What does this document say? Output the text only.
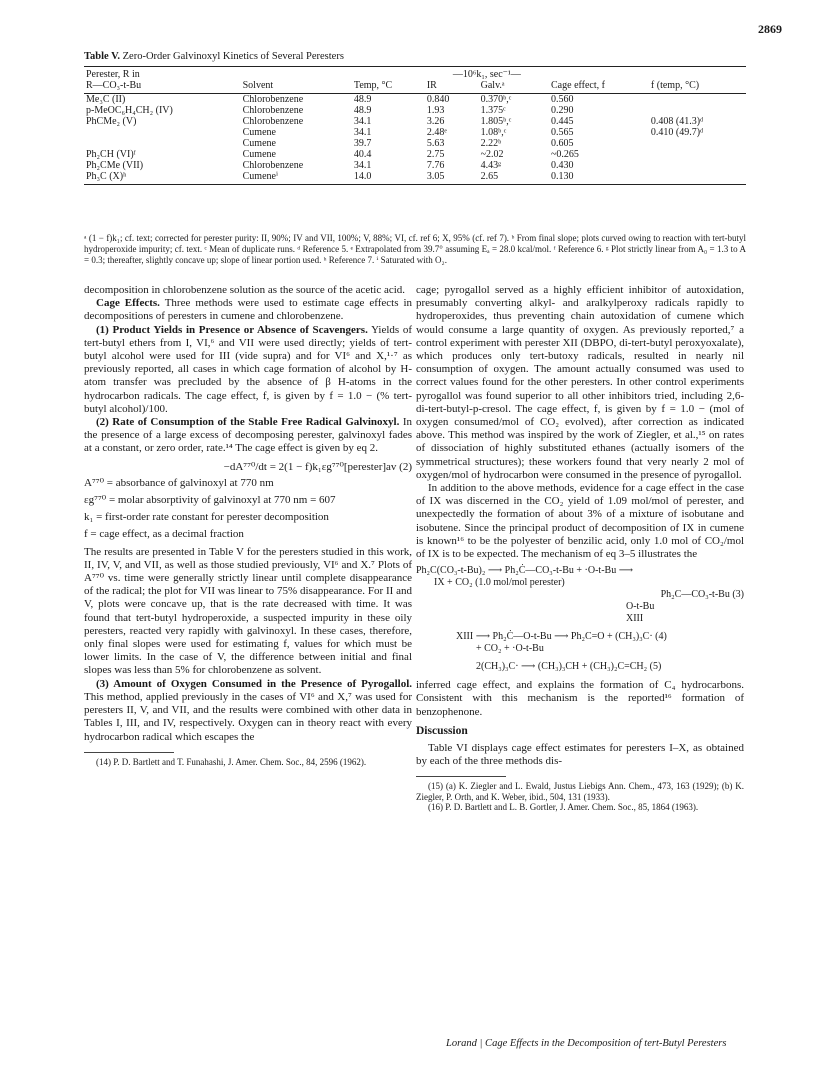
2869
Table V. Zero-Order Galvinoxyl Kinetics of Several Peresters

Perester, R in			—10⁶k₁, sec⁻¹—			
R—CO₃-t-Bu	Solvent	Temp, °C	IR	Galv.ᵃ	Cage effect, f	f (temp, °C)

Me₃C (II)	Chlorobenzene	48.9	0.840	0.370ᵇ,ᶜ	0.560	
p-MeOC₆H₄CH₂ (IV)	Chlorobenzene	48.9	1.93	1.375ᶜ	0.290	
PhCMe₂ (V)	Chlorobenzene	34.1	3.26	1.805ᵇ,ᶜ	0.445	0.408 (41.3)ᵈ
	Cumene	34.1	2.48ᵉ	1.08ᵇ,ᶜ	0.565	0.410 (49.7)ᵈ
	Cumene	39.7	5.63	2.22ᵇ	0.605	
Ph₂CH (VI)ᶠ	Cumene	40.4	2.75	~2.02	~0.265	
Ph₂CMe (VII)	Chlorobenzene	34.1	7.76	4.43ᵍ	0.430	
Ph₃C (X)ʰ	Cumeneⁱ	14.0	3.05	2.65	0.130	

ᵃ (1 − f)k₁; cf. text; corrected for perester purity: II, 90%; IV and VII, 100%; V, 88%; VI, cf. ref 6; X, 95% (cf. ref 7). ᵇ From final slope; plots curved owing to reaction with tert-butyl hydroperoxide impurity; cf. text. ᶜ Mean of duplicate runs. ᵈ Reference 5. ᵉ Extrapolated from 39.7° assuming Eₐ = 28.0 kcal/mol. ᶠ Reference 6. ᵍ Plot strictly linear from A₀ = 1.3 to A = 0.3; thereafter, slightly concave up; slope of linear portion used. ʰ Reference 7. ⁱ Saturated with O₂.

decomposition in chlorobenzene solution as the source of the acetic acid.

Cage Effects. Three methods were used to estimate cage effects in decompositions of peresters in cumene and chlorobenzene.

(1) Product Yields in Presence or Absence of Scavengers. Yields of tert-butyl ethers from I, VI,⁶ and VII were used directly; yields of tert-butyl alcohol were used for III (vide supra) and for VI⁶ and X,¹·⁷ as previously reported, all cases in which cage formation of alcohol by H-atom transfer was precluded by the absence of β H-atoms in the hydrocarbon radicals. The cage effect, f, is given by f = 1.0 − (% tert-butyl alcohol)/100.

(2) Rate of Consumption of the Stable Free Radical Galvinoxyl. In the presence of a large excess of decomposing perester, galvinoxyl fades at a constant, or zero order, rate.¹⁴ The cage effect is given by eq 2.

−dA⁷⁷⁰/dt = 2(1 − f)k₁εg⁷⁷⁰[perester]av (2)
A⁷⁷⁰ = absorbance of galvinoxyl at 770 nm
εg⁷⁷⁰ = molar absorptivity of galvinoxyl at 770 nm = 607
k₁ = first-order rate constant for perester decomposition
f = cage effect, as a decimal fraction

The results are presented in Table V for the peresters studied in this work, II, IV, V, and VII, as well as those studied previously, VI⁶ and X.⁷ Plots of A⁷⁷⁰ vs. time were generally strictly linear until complete disappearance of the radical; the plot for VII was linear to 75% disappearance. For II and V, plots were concave up, that is the rate decreased with time. It was found that tert-butyl hydroperoxide, a suspected impurity in these oily peresters, reacted very rapidly with galvinoxyl. In these cases, therefore, only final slopes were used for estimating f, values for which must be lower limits. In the case of V, the difference between initial and final slopes was less than 5% for chlorobenzene as solvent.

(3) Amount of Oxygen Consumed in the Presence of Pyrogallol. This method, applied previously in the cases of VI⁶ and X,⁷ was used for peresters II, V, and VII, and the results were combined with other data in Tables I, III, and IV, respectively. Oxygen can in theory react with every hydrocarbon radical which escapes the

(14) P. D. Bartlett and T. Funahashi, J. Amer. Chem. Soc., 84, 2596 (1962).

cage; pyrogallol served as a highly efficient inhibitor of autoxidation, presumably converting alkyl- and aralkylperoxy radicals rapidly to hydroperoxides, thus preventing chain autoxidation of cumene which would consume a large quantity of oxygen. As previously reported,⁷ a control experiment with perester XII (DBPO, di-tert-butyl peroxyoxalate), which produces only tert-butoxy radicals, resulted in nearly nil consumption of oxygen. The amount actually consumed was used to correct values found for the other peresters. In other control experiments pyrogallol was found superior to all other inhibitors tried, including 2,6-di-tert-butyl-p-cresol. The cage effect, f, is given by f = 1.0 − (mol of oxygen consumed/mol of CO₂ evolved), after correction as indicated above. This method was inspired by the work of Ziegler, et al.,¹⁵ on rates of dissociation of highly substituted ethanes (actually isomers of the symmetrical structures); these workers found that very nearly 2 mol of oxygen/mol of hydrocarbon were consumed in the presence of pyrogallol.

In addition to the above methods, evidence for a cage effect in the case of IX was discerned in the CO₂ yield of 1.09 mol/mol of perester, and unexpectedly the formation of about 3% of a mixture of isobutane and isobutene. Since the principal product of decomposition of IX in cumene is known¹⁶ to be the polyester of benzilic acid, only 1.0 mol of CO₂/mol of IX is to be expected. The mechanism of eq 3–5 illustrates the

Ph₂C(CO₃-t-Bu)₂ ⟶ Ph₂Ċ—CO₃-t-Bu + ·O-t-Bu ⟶
IX + CO₂ (1.0 mol/mol perester)
Ph₂C—CO₃-t-Bu (3)
O-t-Bu
XIII
XIII ⟶ Ph₂Ċ—O-t-Bu ⟶ Ph₂C=O + (CH₃)₃C· (4)
+ CO₂ + ·O-t-Bu
2(CH₃)₃C· ⟶ (CH₃)₃CH + (CH₃)₂C=CH₂ (5)

inferred cage effect, and explains the formation of C₄ hydrocarbons. Consistent with this mechanism is the reported¹⁶ formation of benzophenone.

Discussion

Table VI displays cage effect estimates for peresters I–X, as obtained by each of the three methods dis-

(15) (a) K. Ziegler and L. Ewald, Justus Liebigs Ann. Chem., 473, 163 (1929); (b) K. Ziegler, P. Orth, and K. Weber, ibid., 504, 131 (1933).

(16) P. D. Bartlett and L. B. Gortler, J. Amer. Chem. Soc., 85, 1864 (1963).

Lorand | Cage Effects in the Decomposition of tert-Butyl Peresters
